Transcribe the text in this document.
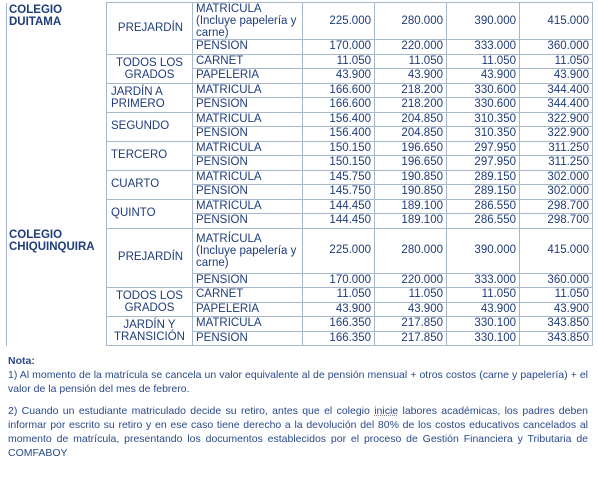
COLEGIO DUITAMA	PREJARDÍN	MATRÍCULA (Incluye papelería y carne)	225.000	280.000	390.000	415.000
		PENSION	170.000	220.000	333.000	360.000
	TODOS LOS GRADOS	CARNET	11.050	11.050	11.050	11.050
		PAPELERÍA	43.900	43.900	43.900	43.900
	JARDÍN A PRIMERO	MATRICULA	166.600	218.200	330.600	344.400
		PENSION	166.600	218.200	330.600	344.400
	SEGUNDO	MATRICULA	156.400	204.850	310.350	322.900
		PENSION	156.400	204.850	310.350	322.900
	TERCERO	MATRICULA	150.150	196.650	297.950	311.250
		PENSION	150.150	196.650	297.950	311.250
	CUARTO	MATRICULA	145.750	190.850	289.150	302.000
		PENSION	145.750	190.850	289.150	302.000
	QUINTO	MATRICULA	144.450	189.100	286.550	298.700
		PENSION	144.450	189.100	286.550	298.700
COLEGIO CHIQUINQUIRA	PREJARDÍN	MATRÍCULA (Incluye papelería y carne)	225.000	280.000	390.000	415.000
		PENSION	170.000	220.000	333.000	360.000
	TODOS LOS GRADOS	CARNET	11.050	11.050	11.050	11.050
		PAPELERÍA	43.900	43.900	43.900	43.900
	JARDÍN Y TRANSICIÓN	MATRICULA	166.350	217.850	330.100	343.850
		PENSION	166.350	217.850	330.100	343.850
Nota:

1) Al momento de la matrícula se cancela un valor equivalente al de pensión mensual + otros costos (carne y papelería) + el valor de la pensión del mes de febrero.

2) Cuando un estudiante matriculado decide su retiro, antes que el colegio inicie labores académicas, los padres deben informar por escrito su retiro y en ese caso tiene derecho a la devolución del 80% de los costos educativos cancelados al momento de matrícula, presentando los documentos establecidos por el proceso de Gestión Financiera y Tributaria de COMFABOY
